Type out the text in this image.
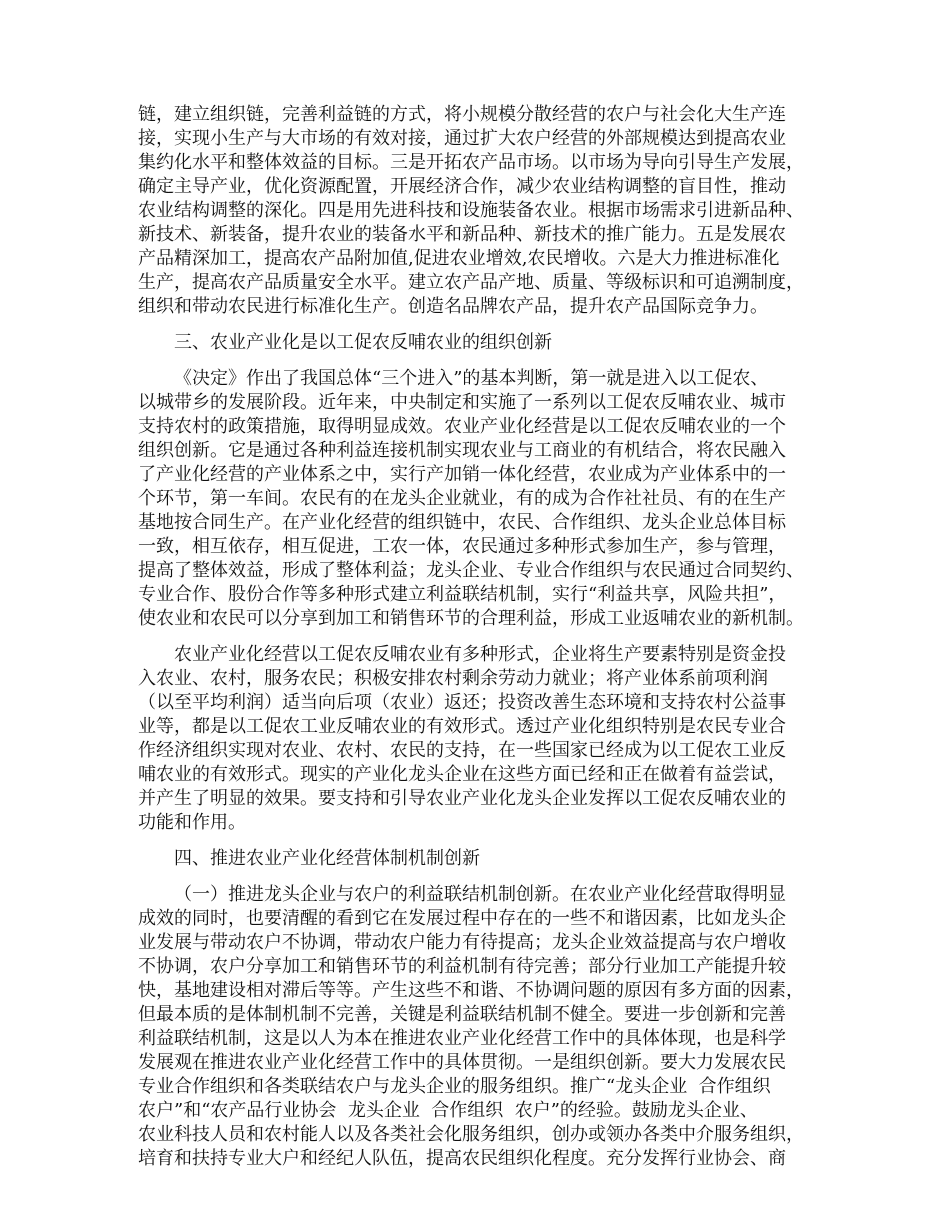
链，建立组织链，完善利益链的方式，将小规模分散经营的农户与社会化大生产连
接，实现小生产与大市场的有效对接，通过扩大农户经营的外部规模达到提高农业
集约化水平和整体效益的目标。三是开拓农产品市场。以市场为导向引导生产发展，
确定主导产业，优化资源配置，开展经济合作，减少农业结构调整的盲目性，推动
农业结构调整的深化。四是用先进科技和设施装备农业。根据市场需求引进新品种、
新技术、新装备，提升农业的装备水平和新品种、新技术的推广能力。五是发展农
产品精深加工，提高农产品附加值,促进农业增效,农民增收。六是大力推进标准化
生产，提高农产品质量安全水平。建立农产品产地、质量、等级标识和可追溯制度，
组织和带动农民进行标准化生产。创造名品牌农产品，提升农产品国际竞争力。
三、农业产业化是以工促农反哺农业的组织创新
《决定》作出了我国总体“三个进入”的基本判断，第一就是进入以工促农、
以城带乡的发展阶段。近年来，中央制定和实施了一系列以工促农反哺农业、城市
支持农村的政策措施，取得明显成效。农业产业化经营是以工促农反哺农业的一个
组织创新。它是通过各种利益连接机制实现农业与工商业的有机结合，将农民融入
了产业化经营的产业体系之中，实行产加销一体化经营，农业成为产业体系中的一
个环节，第一车间。农民有的在龙头企业就业，有的成为合作社社员、有的在生产
基地按合同生产。在产业化经营的组织链中，农民、合作组织、龙头企业总体目标
一致，相互依存，相互促进，工农一体，农民通过多种形式参加生产，参与管理，
提高了整体效益，形成了整体利益；龙头企业、专业合作组织与农民通过合同契约、
专业合作、股份合作等多种形式建立利益联结机制，实行“利益共享，风险共担”，
使农业和农民可以分享到加工和销售环节的合理利益，形成工业返哺农业的新机制。
农业产业化经营以工促农反哺农业有多种形式，企业将生产要素特别是资金投
入农业、农村，服务农民；积极安排农村剩余劳动力就业；将产业体系前项利润
（以至平均利润）适当向后项（农业）返还；投资改善生态环境和支持农村公益事
业等，都是以工促农工业反哺农业的有效形式。透过产业化组织特别是农民专业合
作经济组织实现对农业、农村、农民的支持，在一些国家已经成为以工促农工业反
哺农业的有效形式。现实的产业化龙头企业在这些方面已经和正在做着有益尝试，
并产生了明显的效果。要支持和引导农业产业化龙头企业发挥以工促农反哺农业的
功能和作用。
四、推进农业产业化经营体制机制创新
（一）推进龙头企业与农户的利益联结机制创新。在农业产业化经营取得明显
成效的同时，也要清醒的看到它在发展过程中存在的一些不和谐因素，比如龙头企
业发展与带动农户不协调，带动农户能力有待提高；龙头企业效益提高与农户增收
不协调，农户分享加工和销售环节的利益机制有待完善；部分行业加工产能提升较
快，基地建设相对滞后等等。产生这些不和谐、不协调问题的原因有多方面的因素，
但最本质的是体制机制不完善，关键是利益联结机制不健全。要进一步创新和完善
利益联结机制，这是以人为本在推进农业产业化经营工作中的具体体现，也是科学
发展观在推进农业产业化经营工作中的具体贯彻。一是组织创新。要大力发展农民
专业合作组织和各类联结农户与龙头企业的服务组织。推广“龙头企业  合作组织
农户”和“农产品行业协会  龙头企业  合作组织  农户”的经验。鼓励龙头企业、
农业科技人员和农村能人以及各类社会化服务组织，创办或领办各类中介服务组织，
培育和扶持专业大户和经纪人队伍，提高农民组织化程度。充分发挥行业协会、商
